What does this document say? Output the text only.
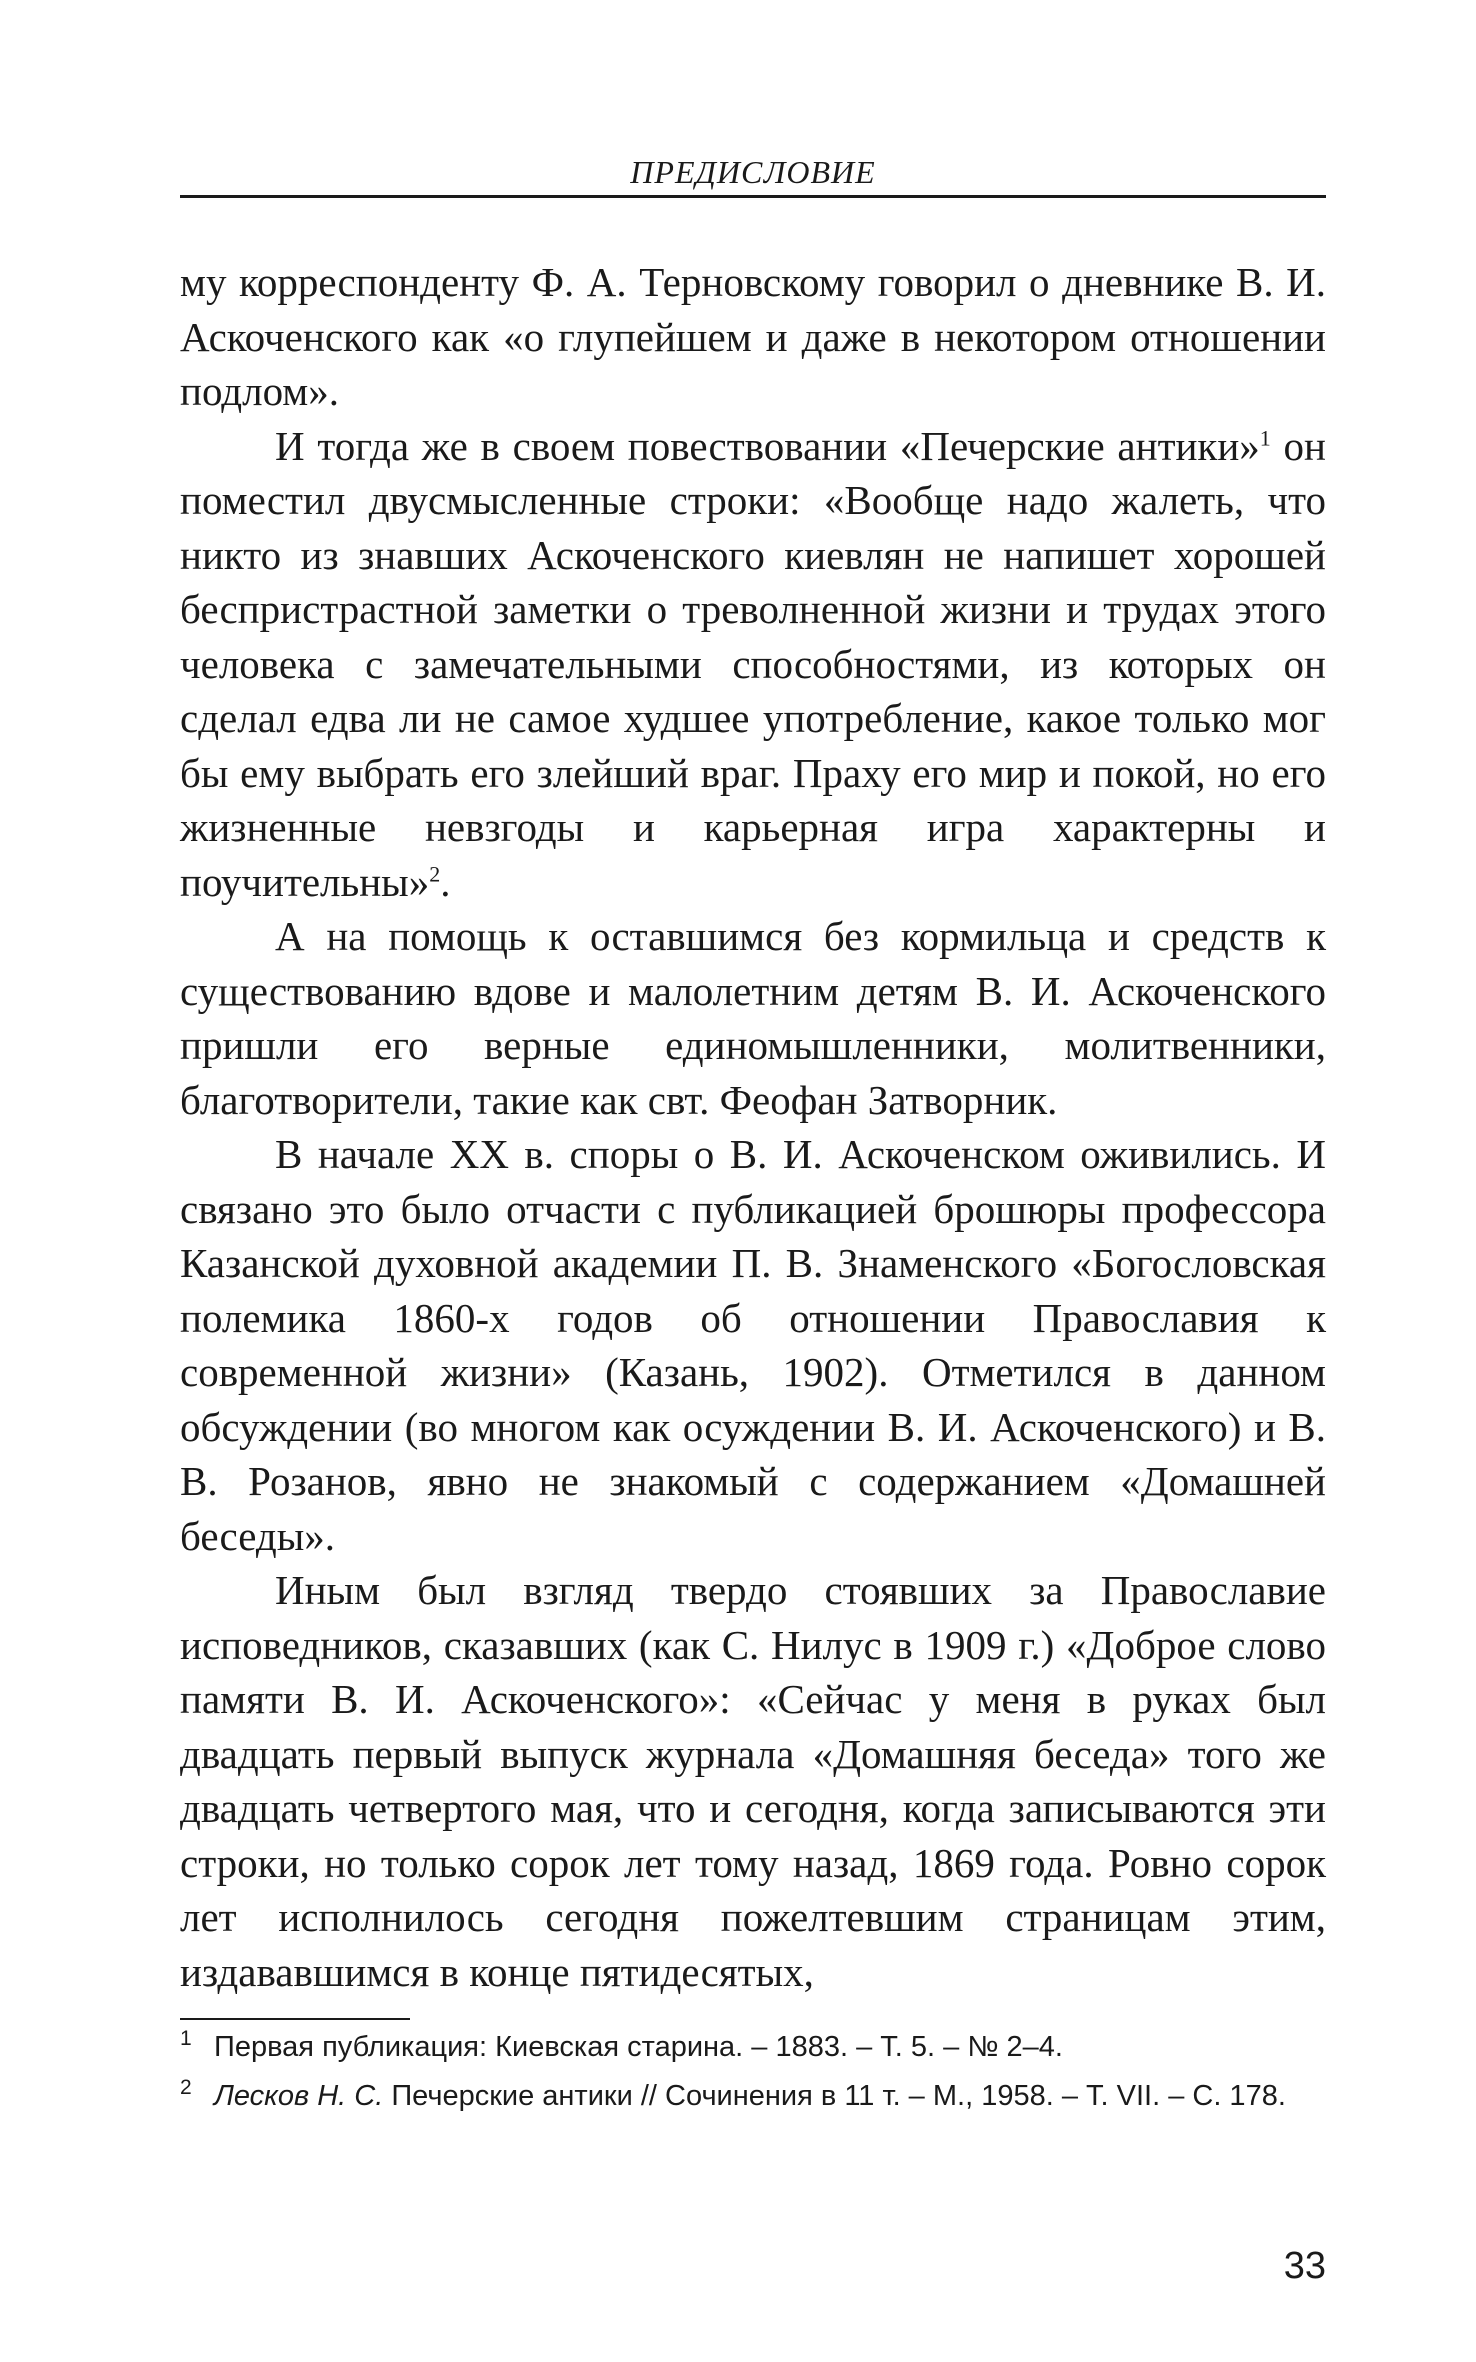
ПРЕДИСЛОВИЕ

му корреспонденту Ф. А. Терновскому говорил о дневнике В. И. Аскоченского как «о глупейшем и даже в некотором отношении подлом».

И тогда же в своем повествовании «Печерские антики»$^1$ он поместил двусмысленные строки: «Вообще надо жалеть, что никто из знавших Аскоченского киевлян не напишет хорошей беспристрастной заметки о треволненной жизни и трудах этого человека с замечательными способностями, из которых он сделал едва ли не самое худшее употребление, какое только мог бы ему выбрать его злейший враг. Праху его мир и покой, но его жизненные невзгоды и карьерная игра характерны и поучительны»$^2$.

А на помощь к оставшимся без кормильца и средств к существованию вдове и малолетним детям В. И. Аскоченского пришли его верные единомышленники, молитвенники, благотворители, такие как свт. Феофан Затворник.

В начале XX в. споры о В. И. Аскоченском оживились. И связано это было отчасти с публикацией брошюры профессора Казанской духовной академии П. В. Знаменского «Богословская полемика 1860-х годов об отношении Православия к современной жизни» (Казань, 1902). Отметился в данном обсуждении (во многом как осуждении В. И. Аскоченского) и В. В. Розанов, явно не знакомый с содержанием «Домашней беседы».

Иным был взгляд твердо стоявших за Православие исповедников, сказавших (как С. Нилус в 1909 г.) «Доброе слово памяти В. И. Аскоченского»: «Сейчас у меня в руках был двадцать первый выпуск журнала «Домашняя беседа» того же двадцать четвертого мая, что и сегодня, когда записываются эти строки, но только сорок лет тому назад, 1869 года. Ровно сорок лет исполнилось сегодня пожелтевшим страницам этим, издававшимся в конце пятидесятых,

1 Первая публикация: Киевская старина. – 1883. – Т. 5. – № 2–4.
2 Лесков Н. С. Печерские антики // Сочинения в 11 т. – М., 1958. – Т. VII. – С. 178.
33
